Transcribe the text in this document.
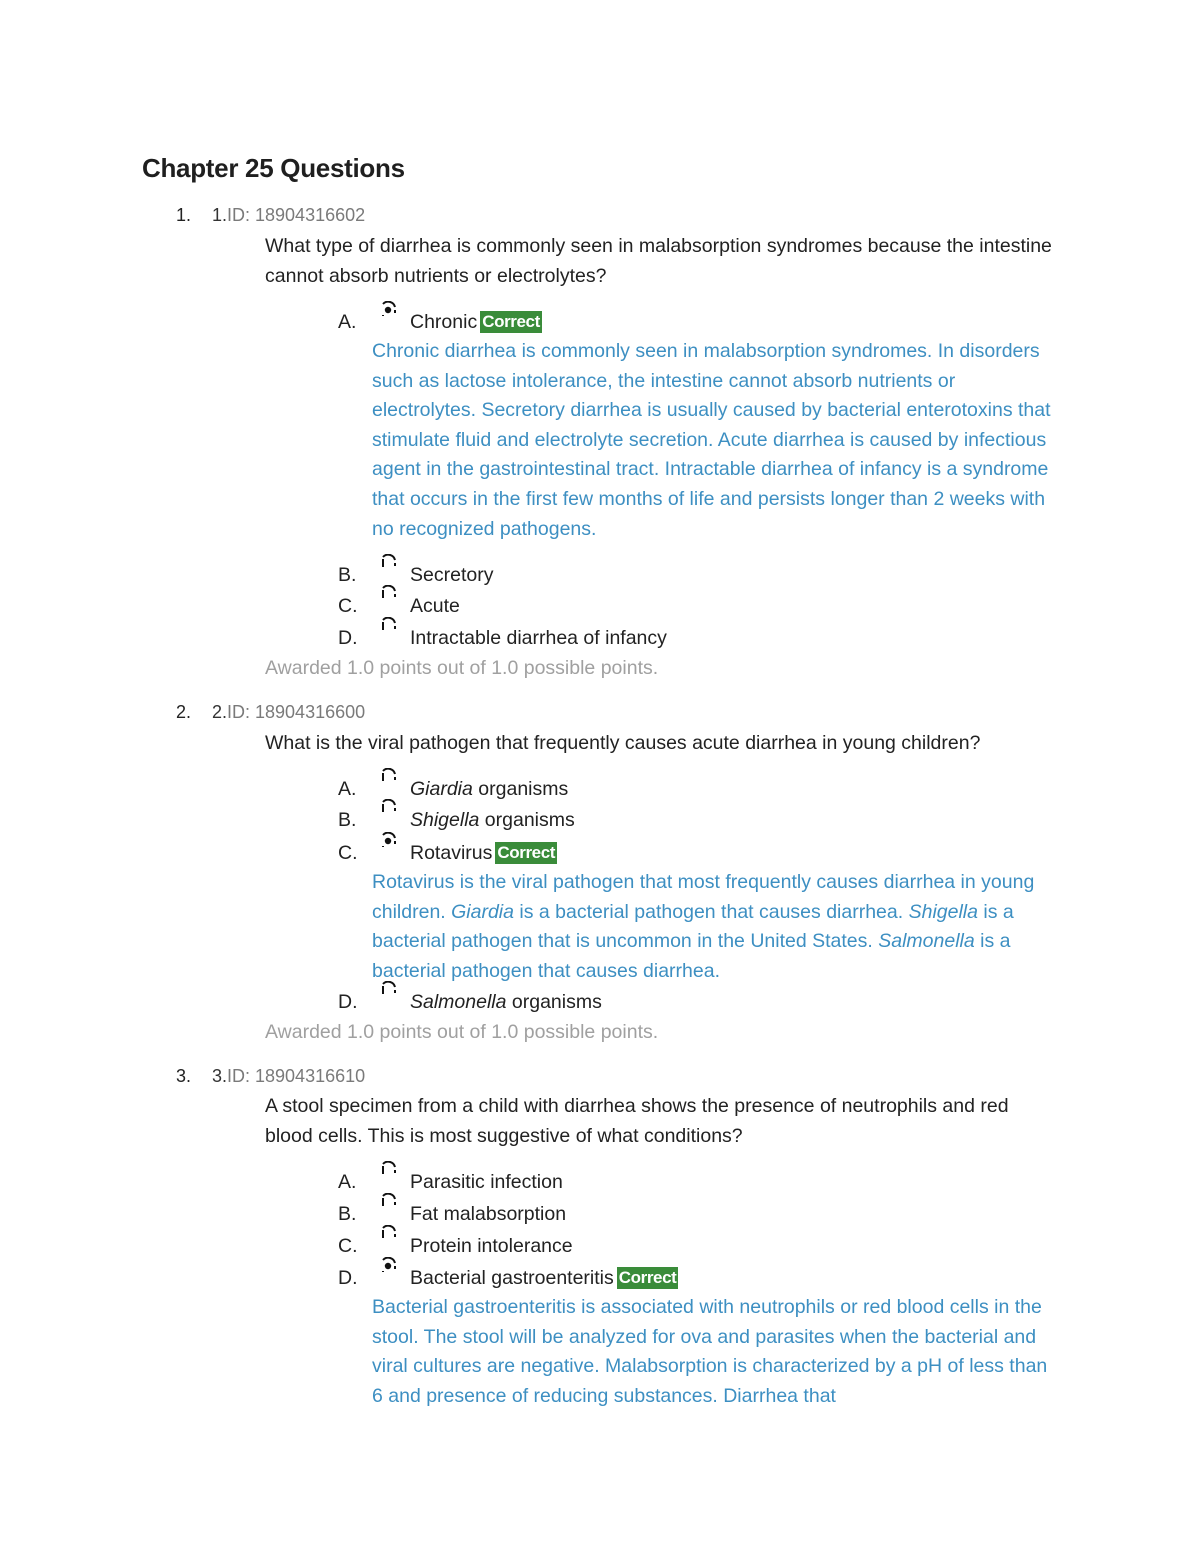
Chapter 25 Questions
1. 1.ID: 18904316602
What type of diarrhea is commonly seen in malabsorption syndromes because the intestine cannot absorb nutrients or electrolytes?
A.	Chronic Correct
Chronic diarrhea is commonly seen in malabsorption syndromes. In disorders such as lactose intolerance, the intestine cannot absorb nutrients or electrolytes. Secretory diarrhea is usually caused by bacterial enterotoxins that stimulate fluid and electrolyte secretion. Acute diarrhea is caused by infectious agent in the gastrointestinal tract. Intractable diarrhea of infancy is a syndrome that occurs in the first few months of life and persists longer than 2 weeks with no recognized pathogens.
B.	Secretory
C.	Acute
D.	Intractable diarrhea of infancy
Awarded 1.0 points out of 1.0 possible points.
2. 2.ID: 18904316600
What is the viral pathogen that frequently causes acute diarrhea in young children?
A.	Giardia organisms
B.	Shigella organisms
C.	Rotavirus Correct
Rotavirus is the viral pathogen that most frequently causes diarrhea in young children. Giardia is a bacterial pathogen that causes diarrhea. Shigella is a bacterial pathogen that is uncommon in the United States. Salmonella is a bacterial pathogen that causes diarrhea.
D.	Salmonella organisms
Awarded 1.0 points out of 1.0 possible points.
3. 3.ID: 18904316610
A stool specimen from a child with diarrhea shows the presence of neutrophils and red blood cells. This is most suggestive of what conditions?
A.	Parasitic infection
B.	Fat malabsorption
C.	Protein intolerance
D.	Bacterial gastroenteritis Correct
Bacterial gastroenteritis is associated with neutrophils or red blood cells in the stool. The stool will be analyzed for ova and parasites when the bacterial and viral cultures are negative. Malabsorption is characterized by a pH of less than 6 and presence of reducing substances. Diarrhea that
